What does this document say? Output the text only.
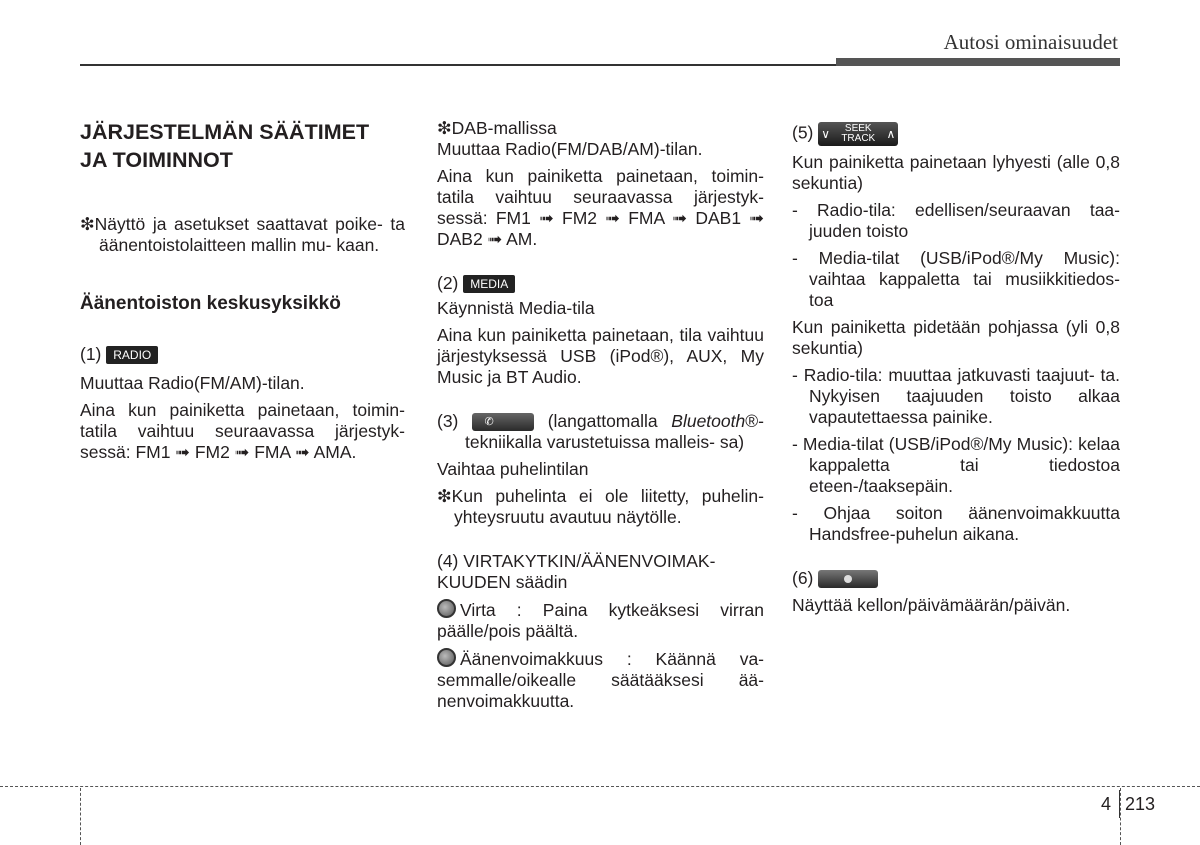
Autosi ominaisuudet
JÄRJESTELMÄN SÄÄTIMET
JA TOIMINNOT

❇Näyttö ja asetukset saattavat poike- ta äänentoistolaitteen mallin mu- kaan.

Äänentoiston keskusyksikkö

(1) RADIO

Muuttaa Radio(FM/AM)-tilan.

Aina kun painiketta painetaan, toimin- tatila vaihtuu seuraavassa järjestyk- sessä: FM1 ➟ FM2 ➟ FMA ➟ AMA.

❇DAB-mallissa

Muuttaa Radio(FM/DAB/AM)-tilan.

Aina kun painiketta painetaan, toimin- tatila vaihtuu seuraavassa järjestyk- sessä: FM1 ➟ FM2 ➟ FMA ➟ DAB1 ➟ DAB2 ➟ AM.

(2) MEDIA

Käynnistä Media-tila

Aina kun painiketta painetaan, tila vaihtuu järjestyksessä USB (iPod®), AUX, My Music ja BT Audio.

(3) ✆	(langattomalla Bluetooth®- tekniikalla varustetuissa malleis- sa)

Vaihtaa puhelintilan

❇Kun puhelinta ei ole liitetty, puhelin- yhteysruutu avautuu näytölle.

(4) VIRTAKYTKIN/ÄÄNENVOIMAK- KUUDEN säädin

Virta : Paina kytkeäksesi virran päälle/pois päältä.

Äänenvoimakkuus : Käännä va- semmalle/oikealle säätääksesi ää- nenvoimakkuutta.

(5) ∨	SEEK
TRACK ∧

Kun painiketta painetaan lyhyesti (alle 0,8 sekuntia)

- Radio-tila: edellisen/seuraavan taa- juuden toisto

- Media-tilat (USB/iPod®/My Music): vaihtaa kappaletta tai musiikkitiedos- toa

Kun painiketta pidetään pohjassa (yli 0,8 sekuntia)

- Radio-tila: muuttaa jatkuvasti taajuut- ta. Nykyisen taajuuden toisto alkaa vapautettaessa painike.

- Media-tilat (USB/iPod®/My Music): kelaa kappaletta tai tiedostoa eteen-/taaksepäin.

- Ohjaa soiton äänenvoimakkuutta Handsfree-puhelun aikana.

(6)

Näyttää kellon/päivämäärän/päivän.

4 213
